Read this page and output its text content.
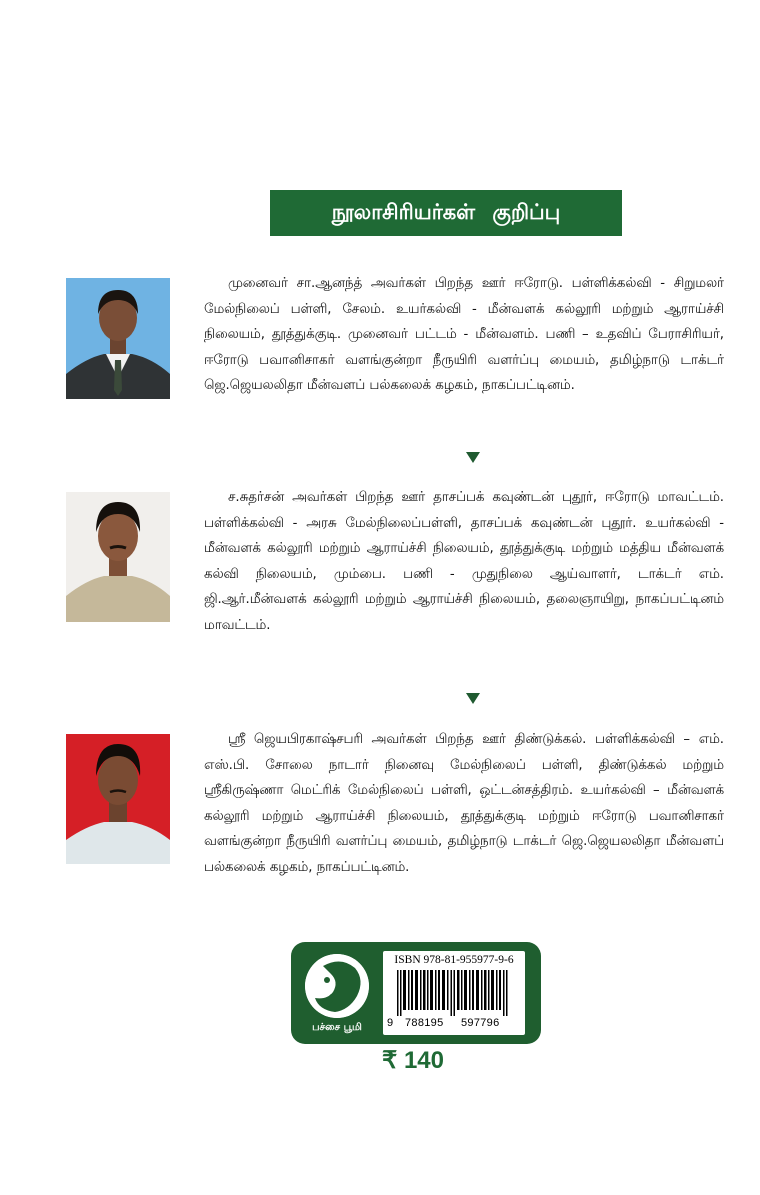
நூலாசிரியர்கள் குறிப்பு

முனைவர் சா.ஆனந்த் அவர்கள் பிறந்த ஊர் ஈரோடு. பள்ளிக்கல்வி - சிறுமலர் மேல்நிலைப் பள்ளி, சேலம். உயர்கல்வி - மீன்வளக் கல்லூரி மற்றும் ஆராய்ச்சி நிலையம், தூத்துக்குடி. முனைவர் பட்டம் - மீன்வளம். பணி – உதவிப் பேராசிரியர், ஈரோடு பவானிசாகர் வளங்குன்றா நீருயிரி வளர்ப்பு மையம், தமிழ்நாடு டாக்டர் ஜெ.ஜெயலலிதா மீன்வளப் பல்கலைக் கழகம், நாகப்பட்டினம்.

ச.சுதர்சன் அவர்கள் பிறந்த ஊர் தாசப்பக் கவுண்டன் புதூர், ஈரோடு மாவட்டம். பள்ளிக்கல்வி - அரசு மேல்நிலைப்பள்ளி, தாசப்பக் கவுண்டன் புதூர். உயர்கல்வி - மீன்வளக் கல்லூரி மற்றும் ஆராய்ச்சி நிலையம், தூத்துக்குடி மற்றும் மத்திய மீன்வளக் கல்வி நிலையம், மும்பை. பணி - முதுநிலை ஆய்வாளர், டாக்டர் எம். ஜி.ஆர்.மீன்வளக் கல்லூரி மற்றும் ஆராய்ச்சி நிலையம், தலைஞாயிறு, நாகப்பட்டினம் மாவட்டம்.

ஸ்ரீ ஜெயபிரகாஷ்சபரி அவர்கள் பிறந்த ஊர் திண்டுக்கல். பள்ளிக்கல்வி – எம். எஸ்.பி. சோலை நாடார் நினைவு மேல்நிலைப் பள்ளி, திண்டுக்கல் மற்றும் ஸ்ரீகிருஷ்ணா மெட்ரிக் மேல்நிலைப் பள்ளி, ஒட்டன்சத்திரம். உயர்கல்வி – மீன்வளக் கல்லூரி மற்றும் ஆராய்ச்சி நிலையம், தூத்துக்குடி மற்றும் ஈரோடு பவானிசாகர் வளங்குன்றா நீருயிரி வளர்ப்பு மையம், தமிழ்நாடு டாக்டர் ஜெ.ஜெயலலிதா மீன்வளப் பல்கலைக் கழகம், நாகப்பட்டினம்.

பச்சை பூமி
ISBN 978-81-955977-9-6
9 788195 597796
₹ 140
